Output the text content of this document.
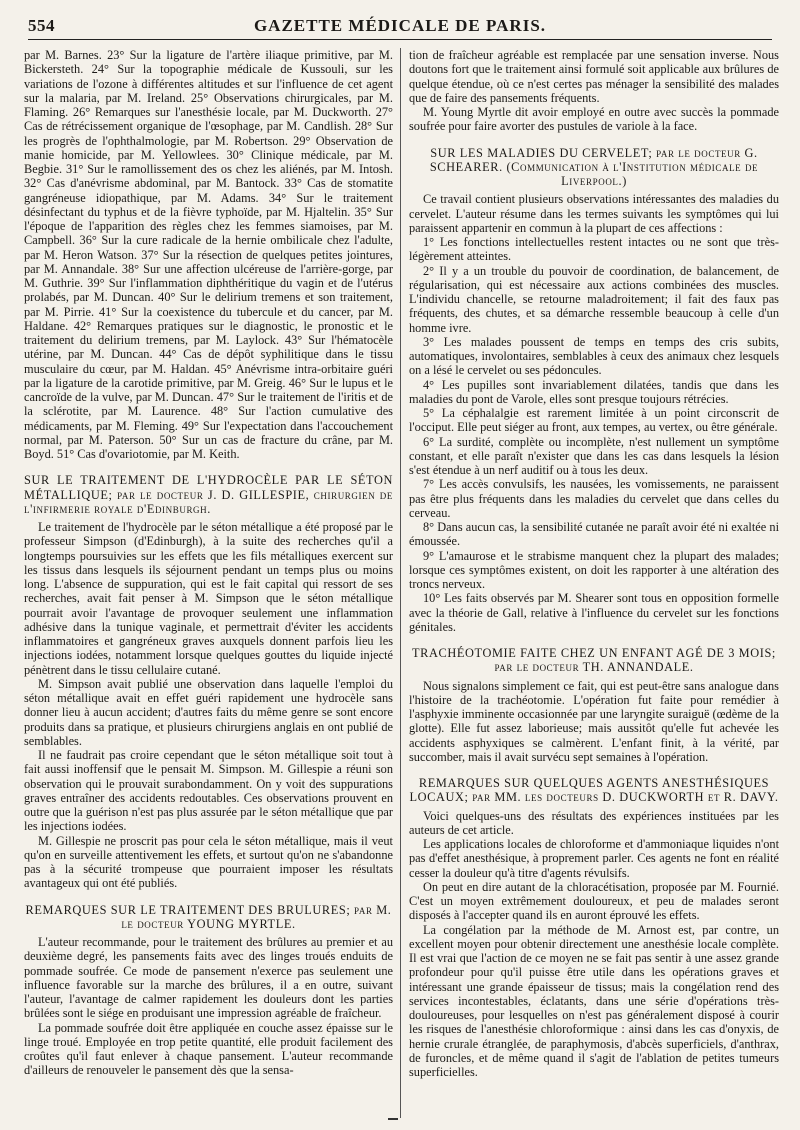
554	GAZETTE MÉDICALE DE PARIS.

par M. Barnes. 23° Sur la ligature de l'artère iliaque primitive, par M. Bickersteth. 24° Sur la topographie médicale de Kussouli, sur les variations de l'ozone à différentes altitudes et sur l'influence de cet agent sur la malaria, par M. Ireland. 25° Observations chirurgicales, par M. Flaming. 26° Remarques sur l'anesthésie locale, par M. Duckworth. 27° Cas de rétrécissement organique de l'œsophage, par M. Candlish. 28° Sur les progrès de l'ophthalmologie, par M. Robertson. 29° Observation de manie homicide, par M. Yellowlees. 30° Clinique médicale, par M. Begbie. 31° Sur le ramollissement des os chez les aliénés, par M. Intosh. 32° Cas d'anévrisme abdominal, par M. Bantock. 33° Cas de stomatite gangréneuse idiopathique, par M. Adams. 34° Sur le traitement désinfectant du typhus et de la fièvre typhoïde, par M. Hjaltelin. 35° Sur l'époque de l'apparition des règles chez les femmes siamoises, par M. Campbell. 36° Sur la cure radicale de la hernie ombilicale chez l'adulte, par M. Heron Watson. 37° Sur la résection de quelques petites jointures, par M. Annandale. 38° Sur une affection ulcéreuse de l'arrière-gorge, par M. Guthrie. 39° Sur l'inflammation diphthéritique du vagin et de l'utérus prolabés, par M. Duncan. 40° Sur le delirium tremens et son traitement, par M. Pirrie. 41° Sur la coexistence du tubercule et du cancer, par M. Haldane. 42° Remarques pratiques sur le diagnostic, le pronostic et le traitement du delirium tremens, par M. Laylock. 43° Sur l'hématocèle utérine, par M. Duncan. 44° Cas de dépôt syphilitique dans le tissu musculaire du cœur, par M. Haldan. 45° Anévrisme intra-orbitaire guéri par la ligature de la carotide primitive, par M. Greig. 46° Sur le lupus et le cancroïde de la vulve, par M. Duncan. 47° Sur le traitement de l'iritis et de la sclérotite, par M. Laurence. 48° Sur l'action cumulative des médicaments, par M. Fleming. 49° Sur l'expectation dans l'accouchement normal, par M. Paterson. 50° Sur un cas de fracture du crâne, par M. Boyd. 51° Cas d'ovariotomie, par M. Keith.

SUR LE TRAITEMENT DE L'HYDROCÈLE PAR LE SÉTON MÉTALLIQUE; par le docteur J. D. GILLESPIE, chirurgien de l'infirmerie royale d'Edinburgh.

Le traitement de l'hydrocèle par le séton métallique a été proposé par le professeur Simpson (d'Edinburgh), à la suite des recherches qu'il a longtemps poursuivies sur les effets que les fils métalliques exercent sur les tissus dans lesquels ils séjournent pendant un temps plus ou moins long. L'absence de suppuration, qui est le fait capital qui ressort de ses recherches, avait fait penser à M. Simpson que le séton métallique pourrait avoir l'avantage de provoquer seulement une inflammation adhésive dans la tunique vaginale, et permettrait d'éviter les accidents inflammatoires et gangréneux graves auxquels donnent parfois lieu les injections iodées, notamment lorsque quelques gouttes du liquide injecté pénètrent dans le tissu cellulaire cutané.

M. Simpson avait publié une observation dans laquelle l'emploi du séton métallique avait en effet guéri rapidement une hydrocèle sans donner lieu à aucun accident; d'autres faits du même genre se sont encore produits dans sa pratique, et plusieurs chirurgiens anglais en ont publié de semblables.

Il ne faudrait pas croire cependant que le séton métallique soit tout à fait aussi inoffensif que le pensait M. Simpson. M. Gillespie a réuni son observation qui le prouvait surabondamment. On y voit des suppurations graves entraîner des accidents redoutables. Ces observations prouvent en outre que la guérison n'est pas plus assurée par le séton métallique que par les injections iodées.

M. Gillespie ne proscrit pas pour cela le séton métallique, mais il veut qu'on en surveille attentivement les effets, et surtout qu'on ne s'abandonne pas à la sécurité trompeuse que pourraient imposer les résultats avantageux qui ont été publiés.

REMARQUES SUR LE TRAITEMENT DES BRULURES; par M. le docteur YOUNG MYRTLE.

L'auteur recommande, pour le traitement des brûlures au premier et au deuxième degré, les pansements faits avec des linges troués enduits de pommade soufrée. Ce mode de pansement n'exerce pas seulement une influence favorable sur la marche des brûlures, il a en outre, suivant l'auteur, l'avantage de calmer rapidement les douleurs dont les parties brûlées sont le siége en produisant une impression agréable de fraîcheur.

La pommade soufrée doit être appliquée en couche assez épaisse sur le linge troué. Employée en trop petite quantité, elle produit facilement des croûtes qu'il faut enlever à chaque pansement. L'auteur recommande d'ailleurs de renouveler le pansement dès que la sensa-

tion de fraîcheur agréable est remplacée par une sensation inverse. Nous doutons fort que le traitement ainsi formulé soit applicable aux brûlures de quelque étendue, où ce n'est certes pas ménager la sensibilité des malades que de faire des pansements fréquents.

M. Young Myrtle dit avoir employé en outre avec succès la pommade soufrée pour faire avorter des pustules de variole à la face.

SUR LES MALADIES DU CERVELET; par le docteur G. SCHEARER. (Communication à l'Institution médicale de Liverpool.)

Ce travail contient plusieurs observations intéressantes des maladies du cervelet. L'auteur résume dans les termes suivants les symptômes qui lui paraissent appartenir en commun à la plupart de ces affections :

1° Les fonctions intellectuelles restent intactes ou ne sont que très-légèrement atteintes.

2° Il y a un trouble du pouvoir de coordination, de balancement, de régularisation, qui est nécessaire aux actions combinées des muscles. L'individu chancelle, se retourne maladroitement; il fait des faux pas fréquents, des chutes, et sa démarche ressemble beaucoup à celle d'un homme ivre.

3° Les malades poussent de temps en temps des cris subits, automatiques, involontaires, semblables à ceux des animaux chez lesquels on a lésé le cervelet ou ses pédoncules.

4° Les pupilles sont invariablement dilatées, tandis que dans les maladies du pont de Varole, elles sont presque toujours rétrécies.

5° La céphalalgie est rarement limitée à un point circonscrit de l'occiput. Elle peut siéger au front, aux tempes, au vertex, ou être générale.

6° La surdité, complète ou incomplète, n'est nullement un symptôme constant, et elle paraît n'exister que dans les cas dans lesquels la lésion s'est étendue à un nerf auditif ou à tous les deux.

7° Les accès convulsifs, les nausées, les vomissements, ne paraissent pas être plus fréquents dans les maladies du cervelet que dans celles du cerveau.

8° Dans aucun cas, la sensibilité cutanée ne paraît avoir été ni exaltée ni émoussée.

9° L'amaurose et le strabisme manquent chez la plupart des malades; lorsque ces symptômes existent, on doit les rapporter à une altération des troncs nerveux.

10° Les faits observés par M. Shearer sont tous en opposition formelle avec la théorie de Gall, relative à l'influence du cervelet sur les fonctions génitales.

TRACHÉOTOMIE FAITE CHEZ UN ENFANT AGÉ DE 3 MOIS; par le docteur TH. ANNANDALE.

Nous signalons simplement ce fait, qui est peut-être sans analogue dans l'histoire de la trachéotomie. L'opération fut faite pour remédier à l'asphyxie imminente occasionnée par une laryngite suraiguë (œdème de la glotte). Elle fut assez laborieuse; mais aussitôt qu'elle fut achevée les accidents asphyxiques se calmèrent. L'enfant finit, à la vérité, par succomber, mais il avait survécu sept semaines à l'opération.

REMARQUES SUR QUELQUES AGENTS ANESTHÉSIQUES LOCAUX; par MM. les docteurs D. DUCKWORTH et R. DAVY.

Voici quelques-uns des résultats des expériences instituées par les auteurs de cet article.

Les applications locales de chloroforme et d'ammoniaque liquides n'ont pas d'effet anesthésique, à proprement parler. Ces agents ne font en réalité cesser la douleur qu'à titre d'agents révulsifs.

On peut en dire autant de la chloracétisation, proposée par M. Fournié. C'est un moyen extrêmement douloureux, et peu de malades seront disposés à l'accepter quand ils en auront éprouvé les effets.

La congélation par la méthode de M. Arnost est, par contre, un excellent moyen pour obtenir directement une anesthésie locale complète. Il est vrai que l'action de ce moyen ne se fait pas sentir à une assez grande profondeur pour qu'il puisse être utile dans les opérations graves et intéressant une grande épaisseur de tissus; mais la congélation rend des services incontestables, éclatants, dans une série d'opérations très-douloureuses, pour lesquelles on n'est pas généralement disposé à courir les risques de l'anesthésie chloroformique : ainsi dans les cas d'onyxis, de hernie crurale étranglée, de paraphymosis, d'abcès superficiels, d'anthrax, de furoncles, et de même quand il s'agit de l'ablation de petites tumeurs superficielles.
